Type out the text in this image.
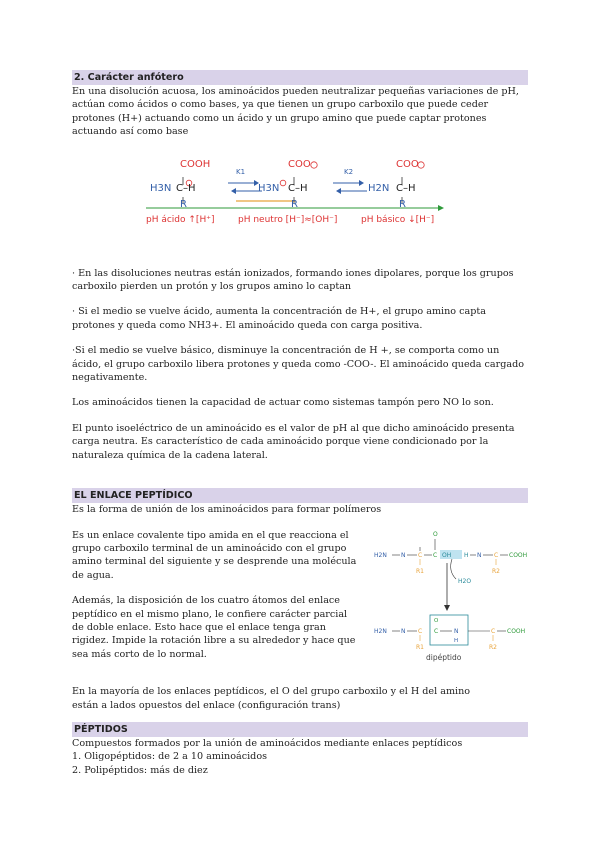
2. Carácter anfótero

En una disolución acuosa, los aminoácidos pueden neutralizar pequeñas variaciones de pH, actúan como ácidos o como bases, ya que tienen un grupo carboxilo que puede ceder protones (H+) actuando como un ácido y un grupo amino que puede captar protones actuando así como base

COOH
H3N C–H
R
K1
COO
H3N C–H
R
K2
COO
H2N C–H
R
pH ácido ↑[H⁺]	pH neutro [H⁻]≈[OH⁻]	pH básico ↓[H⁻]

· En las disoluciones neutras están ionizados, formando iones dipolares, porque los grupos carboxilo pierden un protón y los grupos amino lo captan

· Si el medio se vuelve ácido, aumenta la concentración de H+, el grupo amino capta protones y queda como NH3+. El aminoácido queda con carga positiva.

·Si el medio se vuelve básico, disminuye la concentración de H +, se comporta como un ácido, el grupo carboxilo libera protones y queda como -COO-. El aminoácido queda cargado negativamente.

Los aminoácidos tienen la capacidad de actuar como sistemas tampón pero NO lo son.

El punto isoeléctrico de un aminoácido es el valor de pH al que dicho aminoácido presenta carga neutra. Es característico de cada aminoácido porque viene condicionado por la naturaleza química de la cadena lateral.

EL ENLACE PEPTÍDICO

Es la forma de unión de los aminoácidos para formar polímeros

Es un enlace covalente tipo amida en el que reacciona el grupo carboxilo terminal de un aminoácido con el grupo amino terminal del siguiente y se desprende una molécula de agua.

Además, la disposición de los cuatro átomos del enlace peptídico en el mismo plano, le confiere carácter parcial de doble enlace. Esto hace que el enlace tenga gran rigidez. Impide la rotación libre a su alrededor y hace que sea más corto de lo normal.

H2N N C
R1
C
O
OH H N C
R2
COOH
H2O
H2N N C
R1
C
O
N
H
C
R2
COOH
dipéptido

En la mayoría de los enlaces peptídicos, el O del grupo carboxilo y el H del amino están a lados opuestos del enlace (configuración trans)

PÉPTIDOS

Compuestos formados por la unión de aminoácidos mediante enlaces peptídicos

1. Oligopéptidos: de 2 a 10 aminoácidos

2. Polipéptidos: más de diez
